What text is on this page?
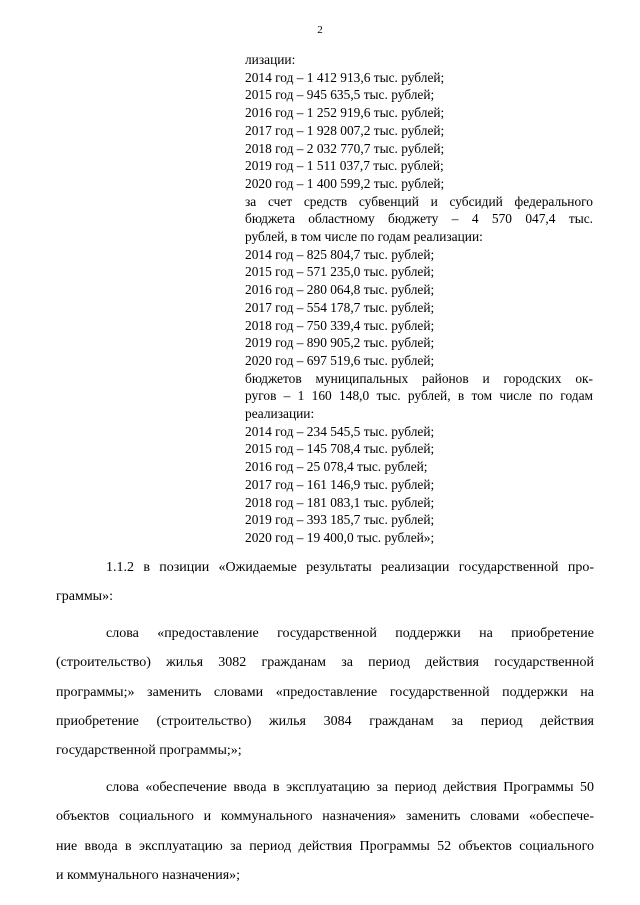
2
лизации:
2014 год – 1 412 913,6 тыс. рублей;
2015 год – 945 635,5 тыс. рублей;
2016 год – 1 252 919,6 тыс. рублей;
2017 год – 1 928 007,2 тыс. рублей;
2018 год – 2 032 770,7 тыс. рублей;
2019 год – 1 511 037,7 тыс. рублей;
2020 год – 1 400 599,2 тыс. рублей;
за счет средств субвенций и субсидий федерального
бюджета областному бюджету – 4 570 047,4 тыс.
рублей, в том числе по годам реализации:
2014 год – 825 804,7 тыс. рублей;
2015 год – 571 235,0 тыс. рублей;
2016 год – 280 064,8 тыс. рублей;
2017 год – 554 178,7 тыс. рублей;
2018 год – 750 339,4 тыс. рублей;
2019 год – 890 905,2 тыс. рублей;
2020 год – 697 519,6 тыс. рублей;
бюджетов муниципальных районов и городских ок-
ругов – 1 160 148,0 тыс. рублей, в том числе по годам
реализации:
2014 год – 234 545,5 тыс. рублей;
2015 год – 145 708,4 тыс. рублей;
2016 год – 25 078,4 тыс. рублей;
2017 год – 161 146,9 тыс. рублей;
2018 год – 181 083,1 тыс. рублей;
2019 год – 393 185,7 тыс. рублей;
2020 год – 19 400,0 тыс. рублей»;
1.1.2 в позиции «Ожидаемые результаты реализации государственной про-
граммы»:
слова «предоставление государственной поддержки на приобретение
(строительство) жилья 3082 гражданам за период действия государственной
программы;» заменить словами «предоставление государственной поддержки на
приобретение (строительство) жилья 3084 гражданам за период действия
государственной программы;»;
слова «обеспечение ввода в эксплуатацию за период действия Программы 50
объектов социального и коммунального назначения» заменить словами «обеспече-
ние ввода в эксплуатацию за период действия Программы 52 объектов социального
и коммунального назначения»;
